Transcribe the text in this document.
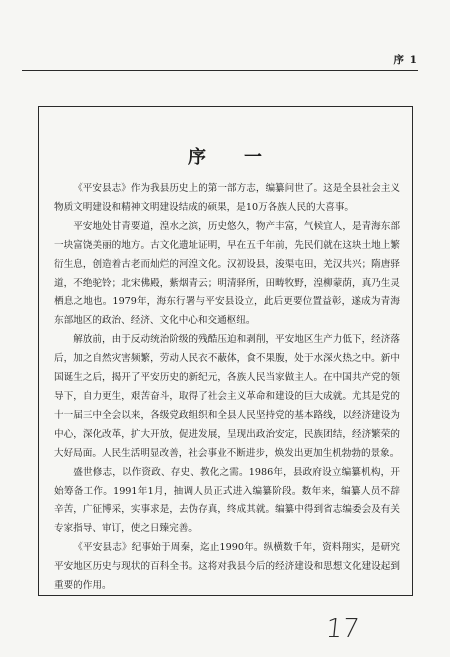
序 1
序 一

《平安县志》作为我县历史上的第一部方志，编纂问世了。这是全县社会主义物质文明建设和精神文明建设结成的硕果，是10万各族人民的大喜事。

平安地处甘青要道，湟水之滨，历史悠久，物产丰富，气候宜人，是青海东部一块富饶美丽的地方。古文化遗址证明，早在五千年前，先民们就在这块土地上繁衍生息，创造着古老而灿烂的河湟文化。汉初设县，浚渠屯田，羌汉共兴；隋唐驿道，不绝驼铃；北宋佛殿，紫烟青云；明清驿所，田畴牧野，湟柳蒙荫，真乃生灵栖息之地也。1979年，海东行署与平安县设立，此后更要位置益彰，遂成为青海东部地区的政治、经济、文化中心和交通枢纽。

解放前，由于反动统治阶级的残酷压迫和剥削，平安地区生产力低下，经济落后，加之自然灾害频繁，劳动人民衣不蔽体，食不果腹，处于水深火热之中。新中国诞生之后，揭开了平安历史的新纪元，各族人民当家做主人。在中国共产党的领导下，自力更生，艰苦奋斗，取得了社会主义革命和建设的巨大成就。尤其是党的十一届三中全会以来，各级党政组织和全县人民坚持党的基本路线，以经济建设为中心，深化改革，扩大开放，促进发展，呈现出政治安定，民族团结，经济繁荣的大好局面。人民生活明显改善，社会事业不断进步，焕发出更加生机勃勃的景象。

盛世修志，以作资政、存史、教化之需。1986年，县政府设立编纂机构，开始筹备工作。1991年1月，抽调人员正式进入编纂阶段。数年来，编纂人员不辞辛苦，广征博采，实事求是，去伪存真，终成其就。编纂中得到省志编委会及有关专家指导、审订，使之日臻完善。

《平安县志》纪事始于周秦，迄止1990年。纵横数千年，资料翔实，是研究平安地区历史与现状的百科全书。这将对我县今后的经济建设和思想文化建设起到重要的作用。

17
